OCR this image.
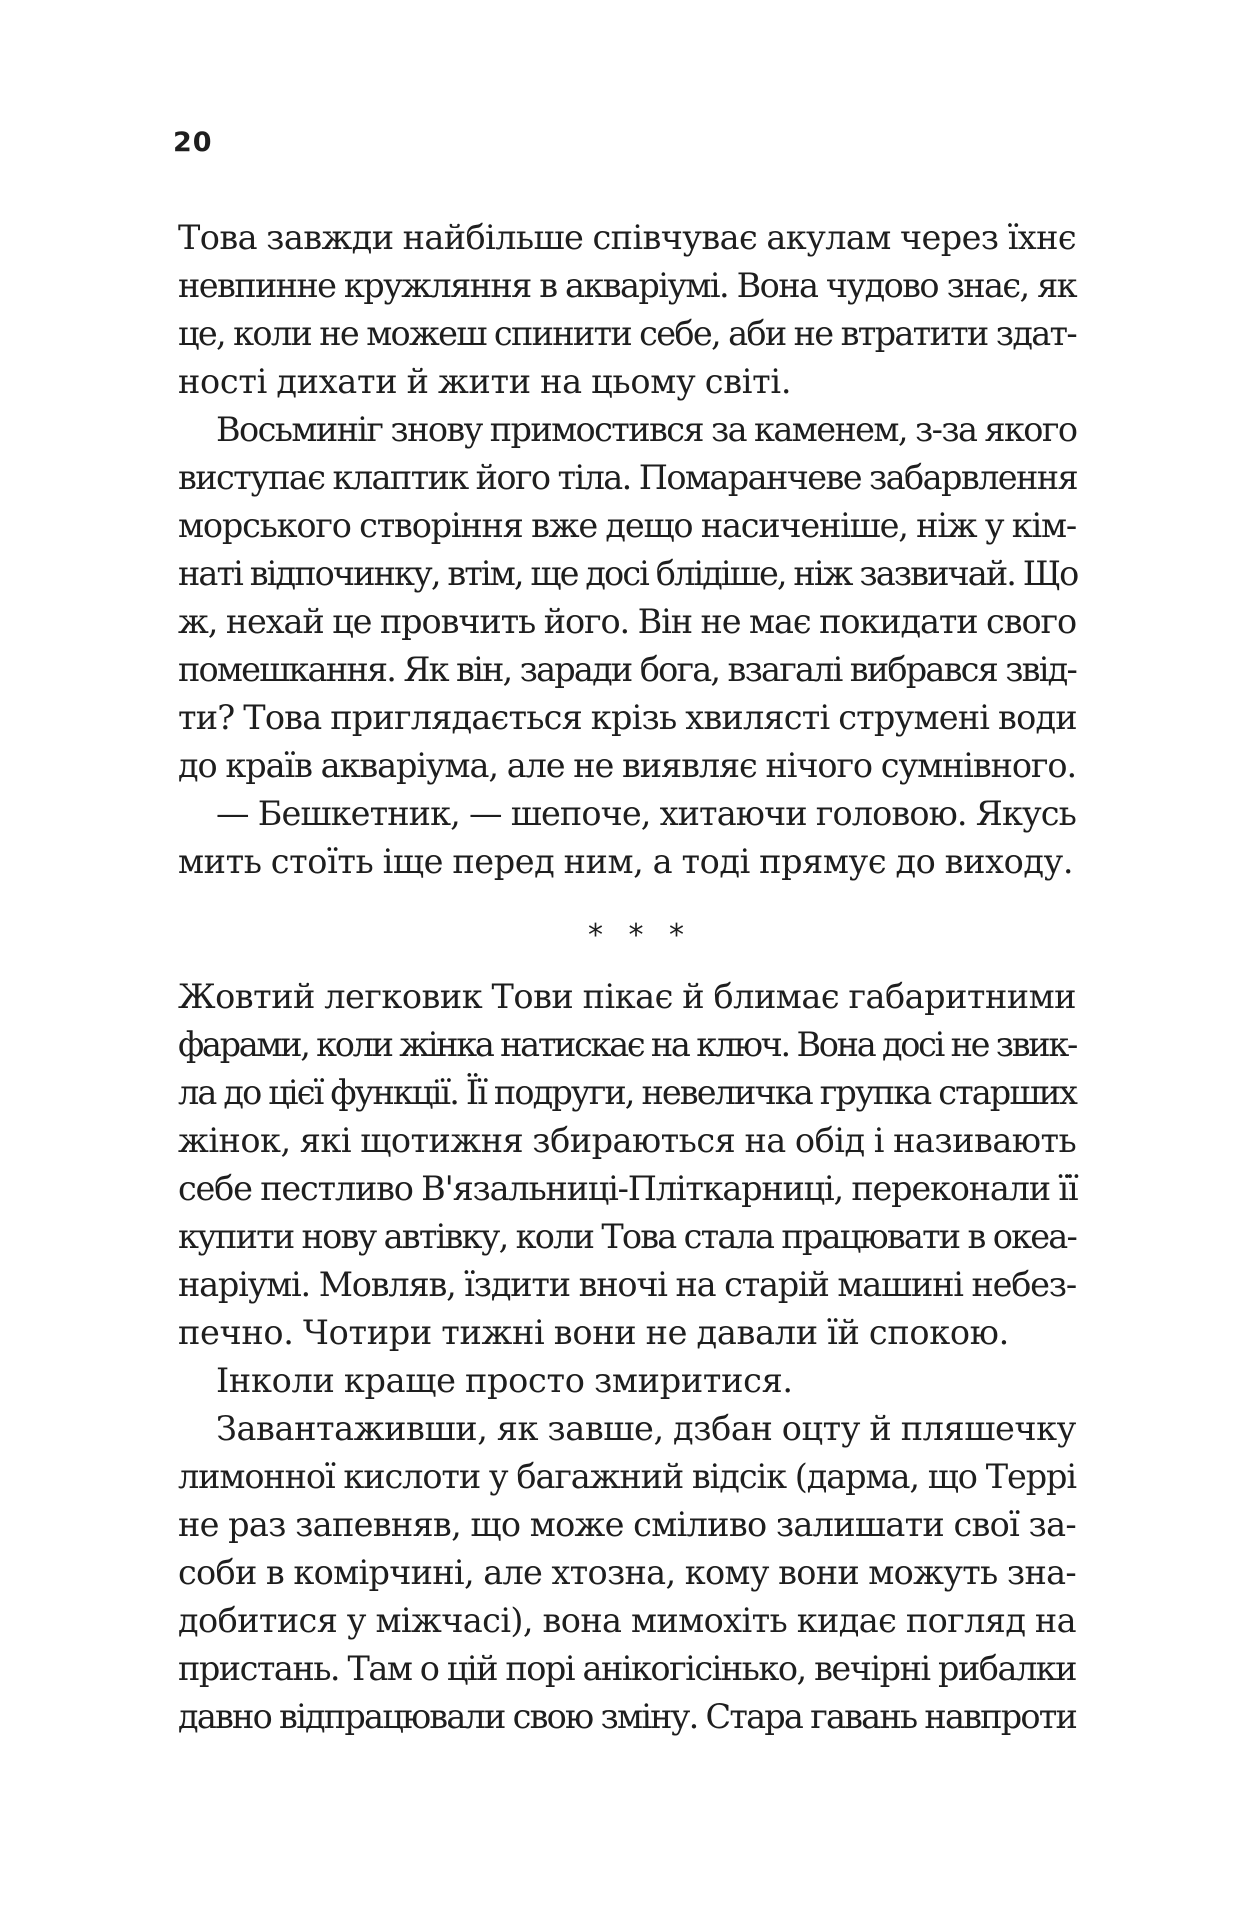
20
Това завжди найбільше співчуває акулам через їхнє
невпинне кружляння в акваріумі. Вона чудово знає, як
це, коли не можеш спинити себе, аби не втратити здат-
ності дихати й жити на цьому світі.
Восьминіг знову примостився за каменем, з-за якого
виступає клаптик його тіла. Помаранчеве забарвлення
морського створіння вже дещо насиченіше, ніж у кім-
наті відпочинку, втім, ще досі блідіше, ніж зазвичай. Що
ж, нехай це провчить його. Він не має покидати свого
помешкання. Як він, заради бога, взагалі вибрався звід-
ти? Това приглядається крізь хвилясті струмені води
до країв акваріума, але не виявляє нічого сумнівного.
— Бешкетник, — шепоче, хитаючи головою. Якусь
мить стоїть іще перед ним, а тоді прямує до виходу.
* * *
Жовтий легковик Тови пікає й блимає габаритними
фарами, коли жінка натискає на ключ. Вона досі не звик-
ла до цієї функції. Її подруги, невеличка групка старших
жінок, які щотижня збираються на обід і називають
себе пестливо В'язальниці-Пліткарниці, переконали її
купити нову автівку, коли Това стала працювати в океа-
наріумі. Мовляв, їздити вночі на старій машині небез-
печно. Чотири тижні вони не давали їй спокою.
Інколи краще просто змиритися.
Завантаживши, як завше, дзбан оцту й пляшечку
лимонної кислоти у багажний відсік (дарма, що Террі
не раз запевняв, що може сміливо залишати свої за-
соби в комірчині, але хтозна, кому вони можуть зна-
добитися у міжчасі), вона мимохіть кидає погляд на
пристань. Там о цій порі анікогісінько, вечірні рибалки
давно відпрацювали свою зміну. Стара гавань навпроти
